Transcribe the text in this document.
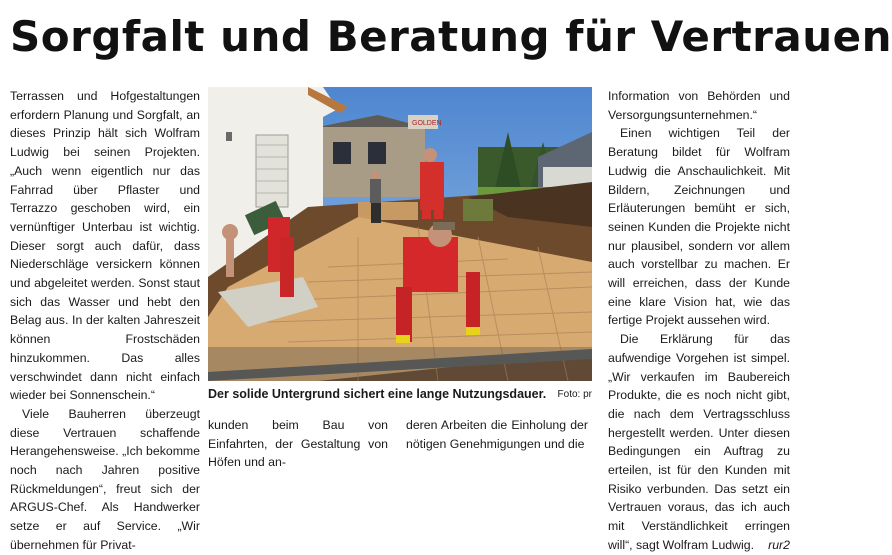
Sorgfalt und Beratung für Vertrauen

Terrassen und Hofgestaltungen erfordern Planung und Sorgfalt, an dieses Prinzip hält sich Wolfram Ludwig bei seinen Projekten. „Auch wenn eigentlich nur das Fahrrad über Pflaster und Terrazzo geschoben wird, ein vernünftiger Unterbau ist wichtig. Dieser sorgt auch dafür, dass Niederschläge versickern können und abgeleitet werden. Sonst staut sich das Wasser und hebt den Belag aus. In der kalten Jahreszeit können Frostschäden hinzukommen. Das alles verschwindet dann nicht einfach wieder bei Sonnenschein.“

Viele Bauherren überzeugt diese Vertrauen schaffende Herangehensweise. „Ich bekomme noch nach Jahren positive Rückmeldungen“, freut sich der ARGUS-Chef. Als Handwerker setze er auf Service. „Wir übernehmen für Privat-

GOLDEN
Der solide Untergrund sichert eine lange Nutzungsdauer. Foto: pr

kunden beim Bau von Einfahrten, der Gestaltung von Höfen und an-

deren Arbeiten die Einholung der nötigen Genehmigungen und die

Information von Behörden und Versorgungsunternehmen.“

Einen wichtigen Teil der Beratung bildet für Wolfram Ludwig die Anschaulichkeit. Mit Bildern, Zeichnungen und Erläuterungen bemüht er sich, seinen Kunden die Projekte nicht nur plausibel, sondern vor allem auch vorstellbar zu machen. Er will erreichen, dass der Kunde eine klare Vision hat, wie das fertige Projekt aussehen wird.

Die Erklärung für das aufwendige Vorgehen ist simpel. „Wir verkaufen im Baubereich Produkte, die es noch nicht gibt, die nach dem Vertragsschluss hergestellt werden. Unter diesen Bedingungen ein Auftrag zu erteilen, ist für den Kunden mit Risiko verbunden. Das setzt ein Vertrauen voraus, das ich auch mit Verständlichkeit erringen will“, sagt Wolfram Ludwig.	rur2
